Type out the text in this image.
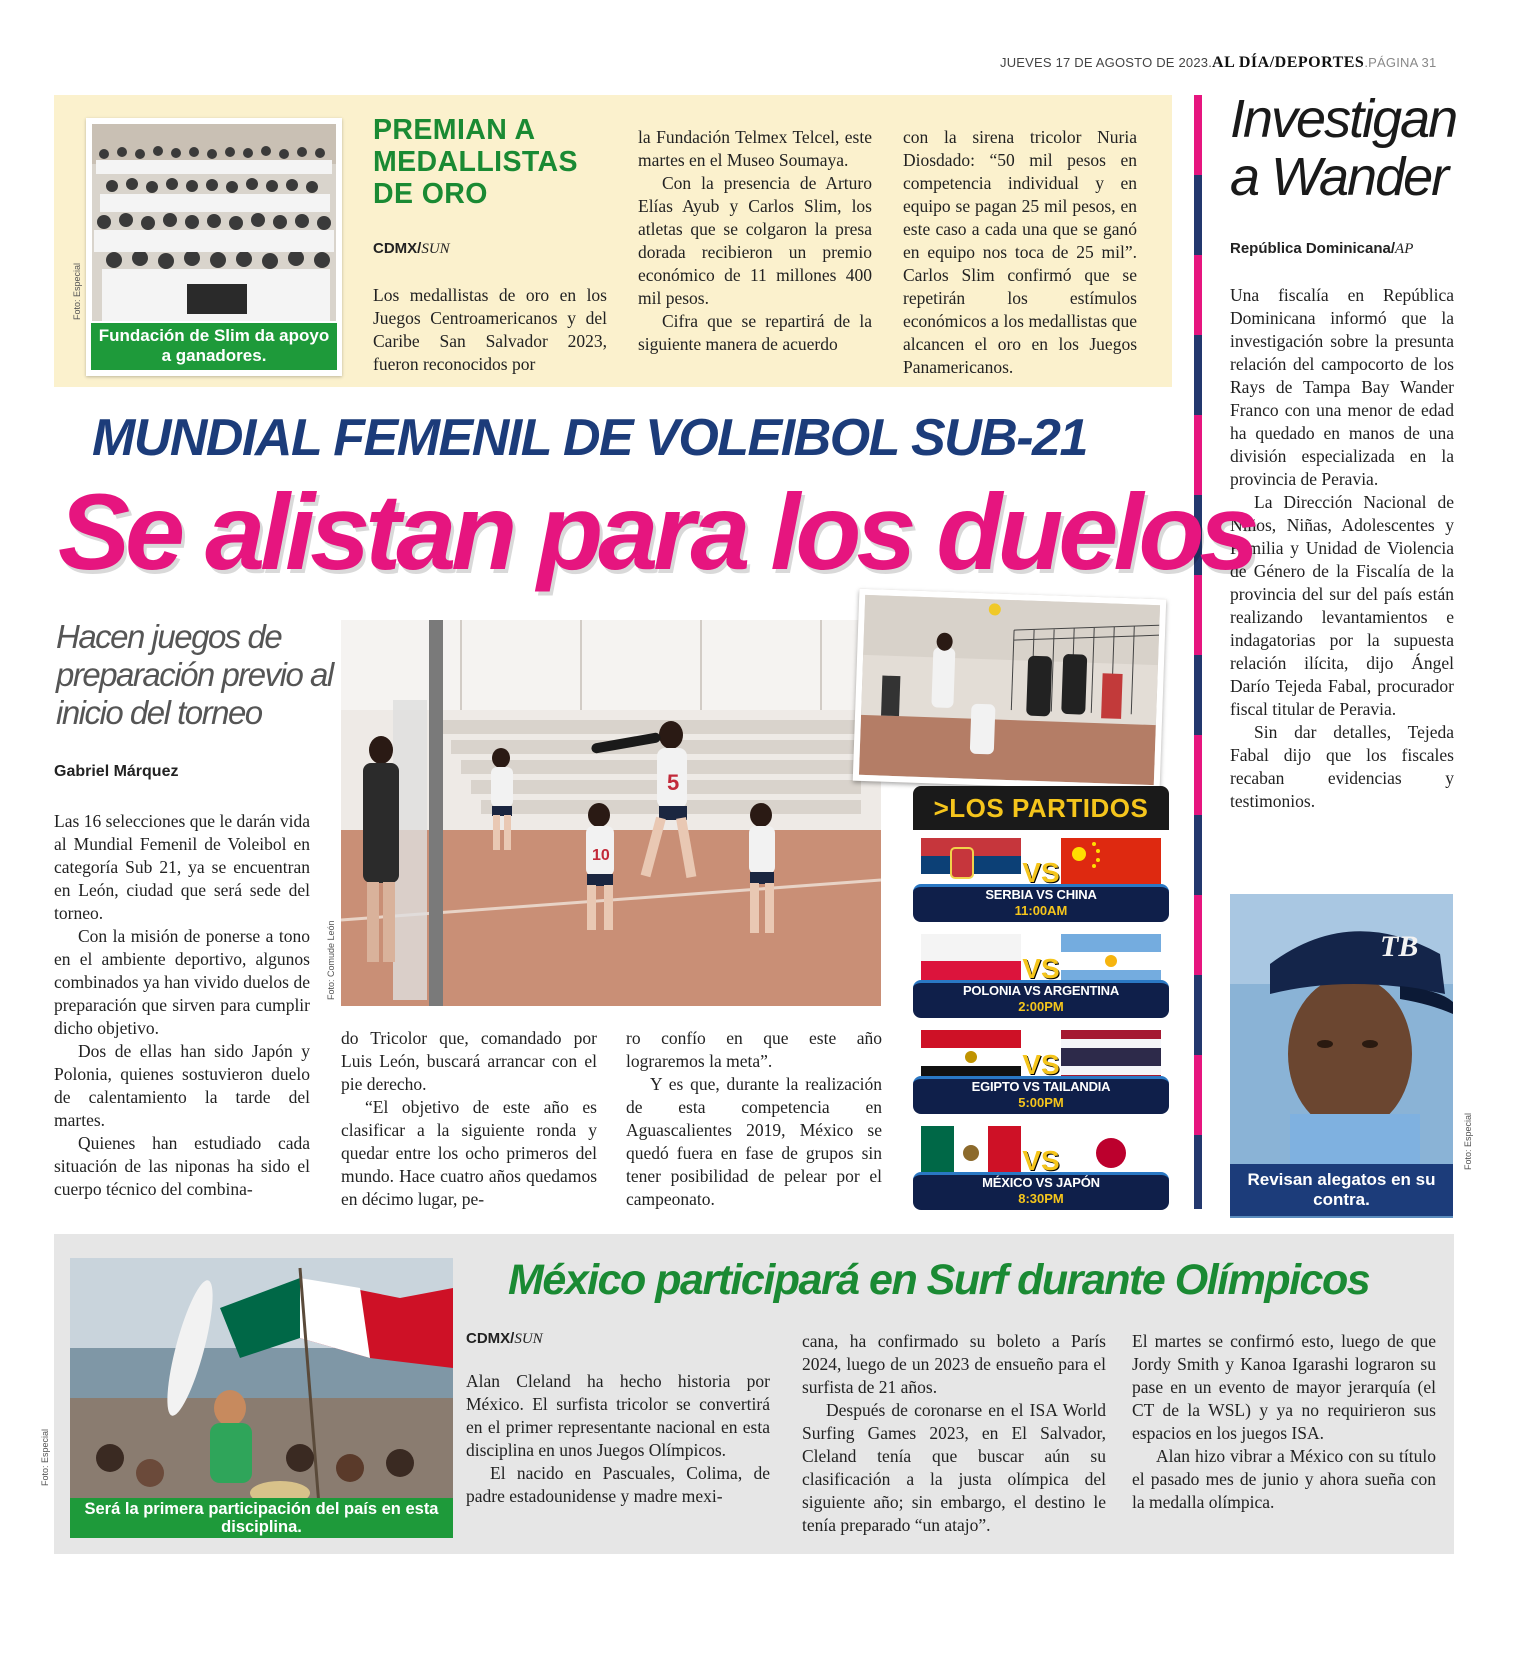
JUEVES 17 DE AGOSTO DE 2023.AL DÍA/DEPORTES.PÁGINA 31
Fundación de Slim da apoyo a ganadores.
Foto: Especial
PREMIAN A MEDALLISTAS DE ORO
CDMX/SUN

Los medallistas de oro en los Juegos Centroamericanos y del Caribe San Salvador 2023, fueron reconocidos por

la Fundación Telmex Telcel, este martes en el Museo Soumaya.

Con la presencia de Arturo Elías Ayub y Carlos Slim, los atletas que se colgaron la presa dorada recibieron un premio económico de 11 millones 400 mil pesos.

Cifra que se repartirá de la siguiente manera de acuerdo

con la sirena tricolor Nuria Diosdado: “50 mil pesos en competencia individual y en equipo se pagan 25 mil pesos, en este caso a cada una que se ganó en equipo nos toca de 25 mil”. Carlos Slim confirmó que se repetirán los estímulos económicos a los medallistas que alcancen el oro en los Juegos Panamericanos.

Investigan a Wander
República Dominicana/AP

Una fiscalía en República Dominicana informó que la investigación sobre la presunta relación del campocorto de los Rays de Tampa Bay Wander Franco con una menor de edad ha quedado en manos de una división especializada en la provincia de Peravia.

La Dirección Nacional de Niños, Niñas, Adolescentes y Familia y Unidad de Violencia de Género de la Fiscalía de la provincia del sur del país están realizando levantamientos e indagatorias por la supuesta relación ilícita, dijo Ángel Darío Tejeda Fabal, procurador fiscal titular de Peravia.

Sin dar detalles, Tejeda Fabal dijo que los fiscales recaban evidencias y testimonios.

TB
Revisan alegatos en su contra.
Foto: Especial
MUNDIAL FEMENIL DE VOLEIBOL SUB-21
Se alistan para los duelos
Hacen juegos de preparación previo al inicio del torneo
Gabriel Márquez

Las 16 selecciones que le darán vida al Mundial Femenil de Voleibol en categoría Sub 21, ya se encuentran en León, ciudad que será sede del torneo.

Con la misión de ponerse a tono en el ambiente deportivo, algunos combinados ya han vivido duelos de preparación que sirven para cumplir dicho objetivo.

Dos de ellas han sido Japón y Polonia, quienes sostuvieron duelo de calentamiento la tarde del martes.

Quienes han estudiado cada situación de las niponas ha sido el cuerpo técnico del combina-

5
10
Foto: Comude León

do Tricolor que, comandado por Luis León, buscará arrancar con el pie derecho.

“El objetivo de este año es clasificar a la siguiente ronda y quedar entre los ocho primeros del mundo. Hace cuatro años quedamos en décimo lugar, pe-

ro confío en que este año lograremos la meta”.

Y es que, durante la realización de esta competencia en Aguascalientes 2019, México se quedó fuera en fase de grupos sin tener posibilidad de pelear por el campeonato.

>LOS PARTIDOS
VS
SERBIA VS CHINA
11:00AM
VS
POLONIA VS ARGENTINA
2:00PM
VS
EGIPTO VS TAILANDIA
5:00PM
VS
MÉXICO VS JAPÓN
8:30PM
Será la primera participación del país en esta disciplina.
Foto: Especial
México participará en Surf durante Olímpicos
CDMX/SUN

Alan Cleland ha hecho historia por México. El surfista tricolor se convertirá en el primer representante nacional en esta disciplina en unos Juegos Olímpicos.

El nacido en Pascuales, Colima, de padre estadounidense y madre mexi-

cana, ha confirmado su boleto a París 2024, luego de un 2023 de ensueño para el surfista de 21 años.

Después de coronarse en el ISA World Surfing Games 2023, en El Salvador, Cleland tenía que buscar aún su clasificación a la justa olímpica del siguiente año; sin embargo, el destino le tenía preparado “un atajo”.

El martes se confirmó esto, luego de que Jordy Smith y Kanoa Igarashi lograron su pase en un evento de mayor jerarquía (el CT de la WSL) y ya no requirieron sus espacios en los juegos ISA.

Alan hizo vibrar a México con su título el pasado mes de junio y ahora sueña con la medalla olímpica.
